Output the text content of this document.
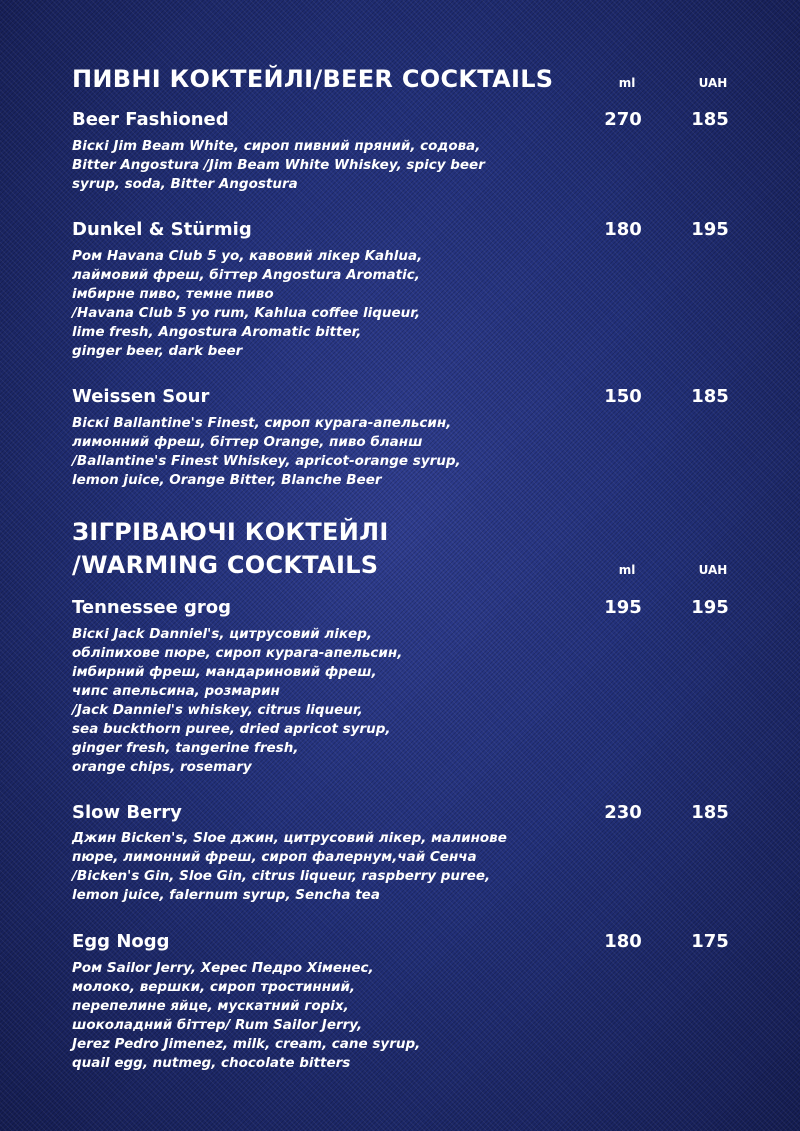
ПИВНІ КОКТЕЙЛІ/BEER COCKTAILS	ml	UAH
Beer Fashioned	270	185
Віскі Jim Beam White, сироп пивний пряний, содова,
Bitter Angostura /Jim Beam White Whiskey, spicy beer
syrup, soda, Bitter Angostura
Dunkel & Stürmig	180	195
Ром Havana Club 5 yo, кавовий лікер Kahlua,
лаймовий фреш, біттер Angostura Aromatic,
імбирне пиво, темне пиво
/Havana Club 5 yo rum, Kahlua coffee liqueur,
lime fresh, Angostura Aromatic bitter,
ginger beer, dark beer
Weissen Sour	150	185
Віскі Ballantine's Finest, сироп курага-апельсин,
лимонний фреш, біттер Orange, пиво бланш
/Ballantine's Finest Whiskey, apricot-orange syrup,
lemon juice, Orange Bitter, Blanche Beer
ЗІГРІВАЮЧІ КОКТЕЙЛІ
/WARMING COCKTAILS	ml	UAH
Tennessee grog	195	195
Віскі Jack Danniel's, цитрусовий лікер,
обліпихове пюре, сироп курага-апельсин,
імбирний фреш, мандариновий фреш,
чипс апельсина, розмарин
/Jack Danniel's whiskey, citrus liqueur,
sea buckthorn puree, dried apricot syrup,
ginger fresh, tangerine fresh,
orange chips, rosemary
Slow Berry	230	185
Джин Bicken's, Sloe джин, цитрусовий лікер, малинове
пюре, лимонний фреш, сироп фалернум,чай Сенча
/Bicken's Gin, Sloe Gin, citrus liqueur, raspberry puree,
lemon juice, falernum syrup, Sencha tea
Egg Nogg	180	175
Ром Sailor Jerry, Херес Педро Хіменес,
молоко, вершки, сироп тростинний,
перепелине яйце, мускатний горіх,
шоколадний біттер/ Rum Sailor Jerry,
Jerez Pedro Jimenez, milk, cream, cane syrup,
quail egg, nutmeg, chocolate bitters
